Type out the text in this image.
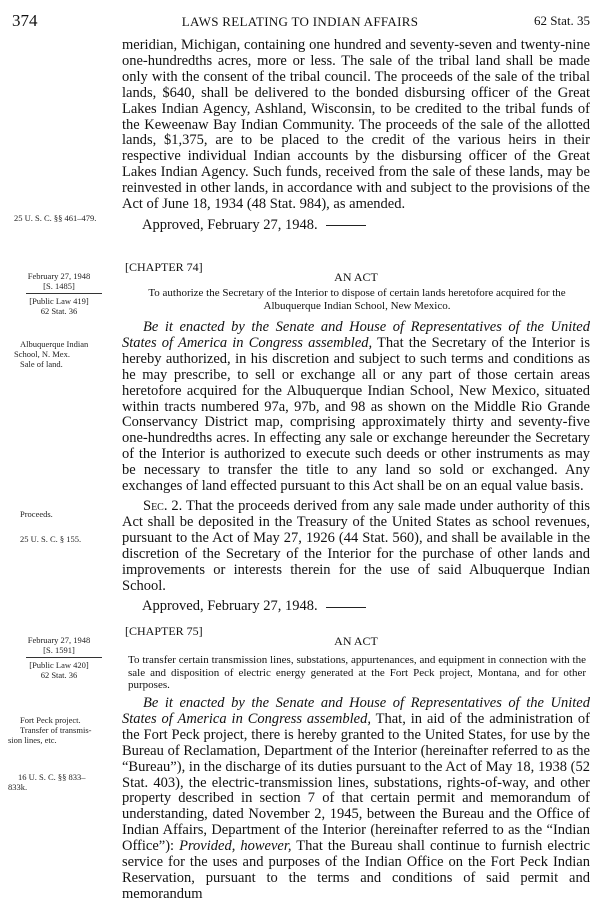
374	LAWS RELATING TO INDIAN AFFAIRS	62 Stat. 35

meridian, Michigan, containing one hundred and seventy-seven and twenty-nine one-hundredths acres, more or less. The sale of the tribal land shall be made only with the consent of the tribal council. The proceeds of the sale of the tribal lands, $640, shall be delivered to the bonded disbursing officer of the Great Lakes Indian Agency, Ashland, Wisconsin, to be credited to the tribal funds of the Keweenaw Bay Indian Community. The proceeds of the sale of the allotted lands, $1,375, are to be placed to the credit of the various heirs in their respective individual Indian accounts by the disbursing officer of the Great Lakes Indian Agency. Such funds, received from the sale of these lands, may be reinvested in other lands, in accordance with and subject to the provisions of the Act of June 18, 1934 (48 Stat. 984), as amended.

Approved, February 27, 1948.

[CHAPTER 74]
AN ACT
To authorize the Secretary of the Interior to dispose of certain lands heretofore acquired for the Albuquerque Indian School, New Mexico.

Be it enacted by the Senate and House of Representatives of the United States of America in Congress assembled, That the Secretary of the Interior is hereby authorized, in his discretion and subject to such terms and conditions as he may prescribe, to sell or exchange all or any part of those certain areas heretofore acquired for the Albuquerque Indian School, New Mexico, situated within tracts numbered 97a, 97b, and 98 as shown on the Middle Rio Grande Conservancy District map, comprising approximately thirty and seventy-five one-hundredths acres. In effecting any sale or exchange hereunder the Secretary of the Interior is authorized to execute such deeds or other instruments as may be necessary to transfer the title to any land so sold or exchanged. Any exchanges of land effected pursuant to this Act shall be on an equal value basis.

Sec. 2. That the proceeds derived from any sale made under authority of this Act shall be deposited in the Treasury of the United States as school revenues, pursuant to the Act of May 27, 1926 (44 Stat. 560), and shall be available in the discretion of the Secretary of the Interior for the purchase of other lands and improvements or interests therein for the use of said Albuquerque Indian School.

Approved, February 27, 1948.

[CHAPTER 75]
AN ACT
To transfer certain transmission lines, substations, appurtenances, and equipment in connection with the sale and disposition of electric energy generated at the Fort Peck project, Montana, and for other purposes.

Be it enacted by the Senate and House of Representatives of the United States of America in Congress assembled, That, in aid of the administration of the Fort Peck project, there is hereby granted to the United States, for use by the Bureau of Reclamation, Department of the Interior (hereinafter referred to as the “Bureau”), in the discharge of its duties pursuant to the Act of May 18, 1938 (52 Stat. 403), the electric-transmission lines, substations, rights-of-way, and other property described in section 7 of that certain permit and memorandum of understanding, dated November 2, 1945, between the Bureau and the Office of Indian Affairs, Department of the Interior (hereinafter referred to as the “Indian Office”): Provided, however, That the Bureau shall continue to furnish electric service for the uses and purposes of the Indian Office on the Fort Peck Indian Reservation, pursuant to the terms and conditions of said permit and memorandum

25 U. S. C. §§ 461–479.
February 27, 1948
[S. 1485]
[Public Law 419]
62 Stat. 36
Albuquerque Indian
School, N. Mex.
Sale of land.
Proceeds.
25 U. S. C. § 155.
February 27, 1948
[S. 1591]
[Public Law 420]
62 Stat. 36
Fort Peck project.
Transfer of transmis-
sion lines, etc.
16 U. S. C. §§ 833–
833k.
